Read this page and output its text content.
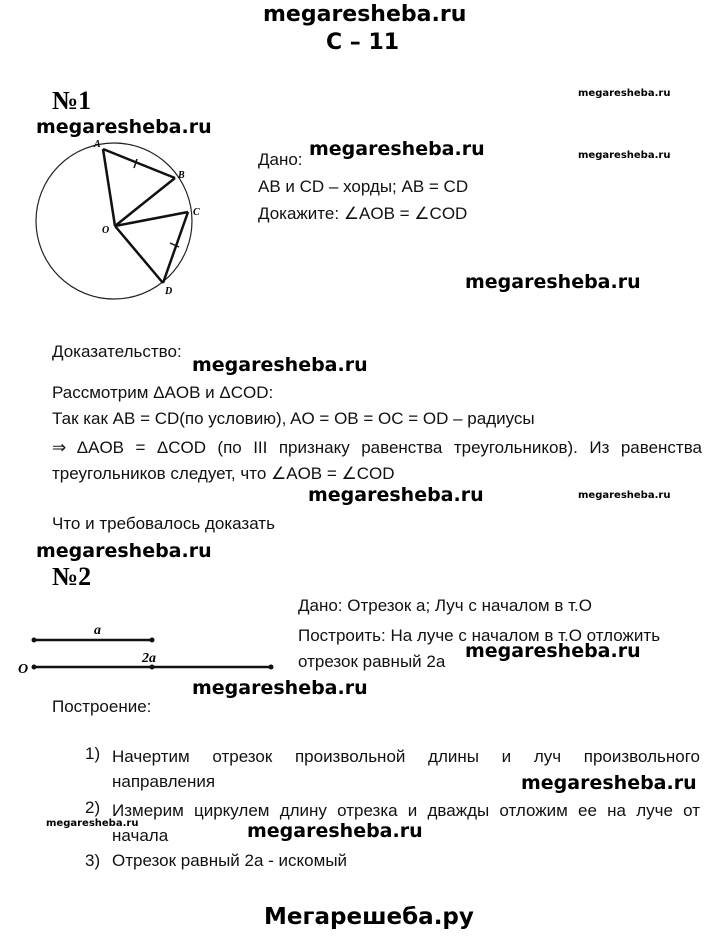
megaresheba.ru
С – 11
№1	megaresheba.ru
megaresheba.ru
A
B
C
D
O
Дано: megaresheba.ru	megaresheba.ru
AB и CD – хорды; AB = CD
Докажите: ∠AOB = ∠COD
megaresheba.ru
Доказательство:
megaresheba.ru
Рассмотрим ΔAOB и ΔCOD:
Так как AB = CD(по условию), AO = OB = OC = OD – радиусы
⇒ ΔAOB = ΔCOD (по III признаку равенства треугольников). Из равенства треугольников следует, что ∠AOB = ∠COD
megaresheba.ru	megaresheba.ru
Что и требовалось доказать
megaresheba.ru
№2
a
2a
O
Дано: Отрезок а; Луч с началом в т.О
Построить: На луче с началом в т.О отложить отрезок равный 2а	megaresheba.ru
megaresheba.ru
Построение:
1) Начертим отрезок произвольной длины и луч произвольного направления	megaresheba.ru
2) Измерим циркулем длину отрезка и дважды отложим ее на луче от начала
megaresheba.ru	megaresheba.ru
3) Отрезок равный 2а - искомый
Мегарешеба.ру
